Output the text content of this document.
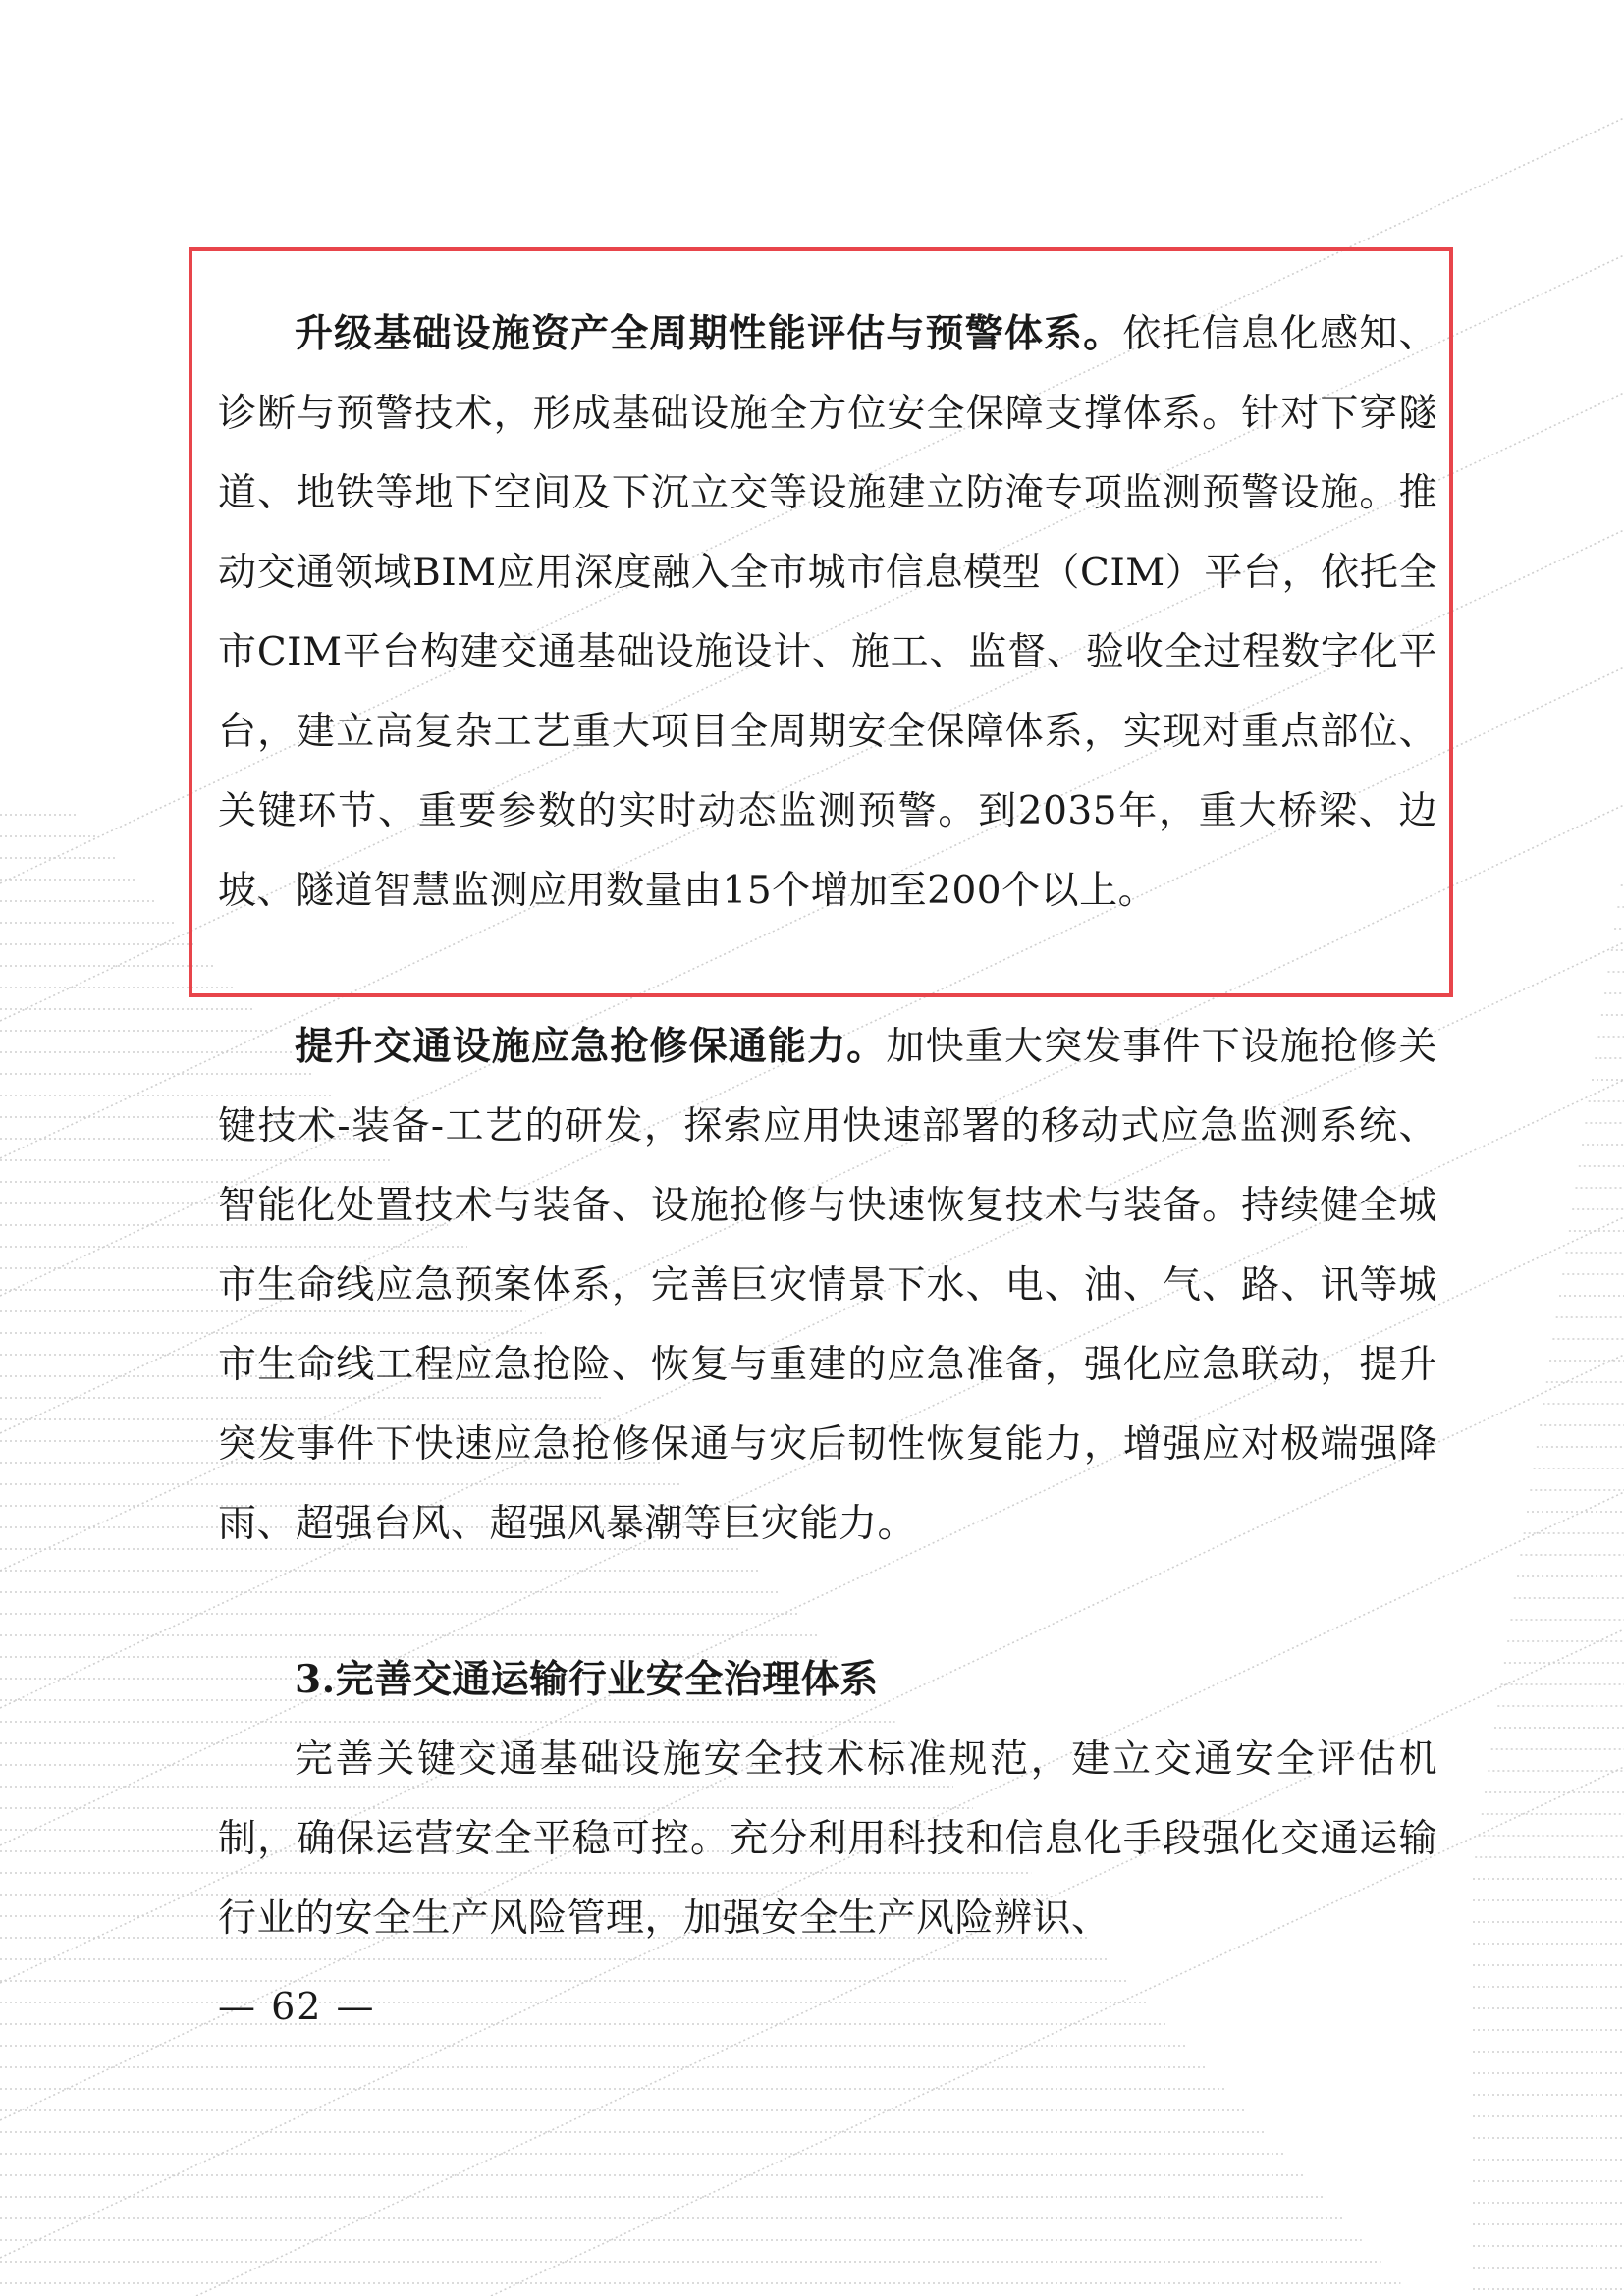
升级基础设施资产全周期性能评估与预警体系。依托信息化感知、诊断与预警技术，形成基础设施全方位安全保障支撑体系。针对下穿隧道、地铁等地下空间及下沉立交等设施建立防淹专项监测预警设施。推动交通领域BIM应用深度融入全市城市信息模型（CIM）平台，依托全市CIM平台构建交通基础设施设计、施工、监督、验收全过程数字化平台，建立高复杂工艺重大项目全周期安全保障体系，实现对重点部位、关键环节、重要参数的实时动态监测预警。到2035年，重大桥梁、边坡、隧道智慧监测应用数量由15个增加至200个以上。

提升交通设施应急抢修保通能力。加快重大突发事件下设施抢修关键技术-装备-工艺的研发，探索应用快速部署的移动式应急监测系统、智能化处置技术与装备、设施抢修与快速恢复技术与装备。持续健全城市生命线应急预案体系，完善巨灾情景下水、电、油、气、路、讯等城市生命线工程应急抢险、恢复与重建的应急准备，强化应急联动，提升突发事件下快速应急抢修保通与灾后韧性恢复能力，增强应对极端强降雨、超强台风、超强风暴潮等巨灾能力。

3.完善交通运输行业安全治理体系

完善关键交通基础设施安全技术标准规范，建立交通安全评估机制，确保运营安全平稳可控。充分利用科技和信息化手段强化交通运输行业的安全生产风险管理，加强安全生产风险辨识、

— 62 —
